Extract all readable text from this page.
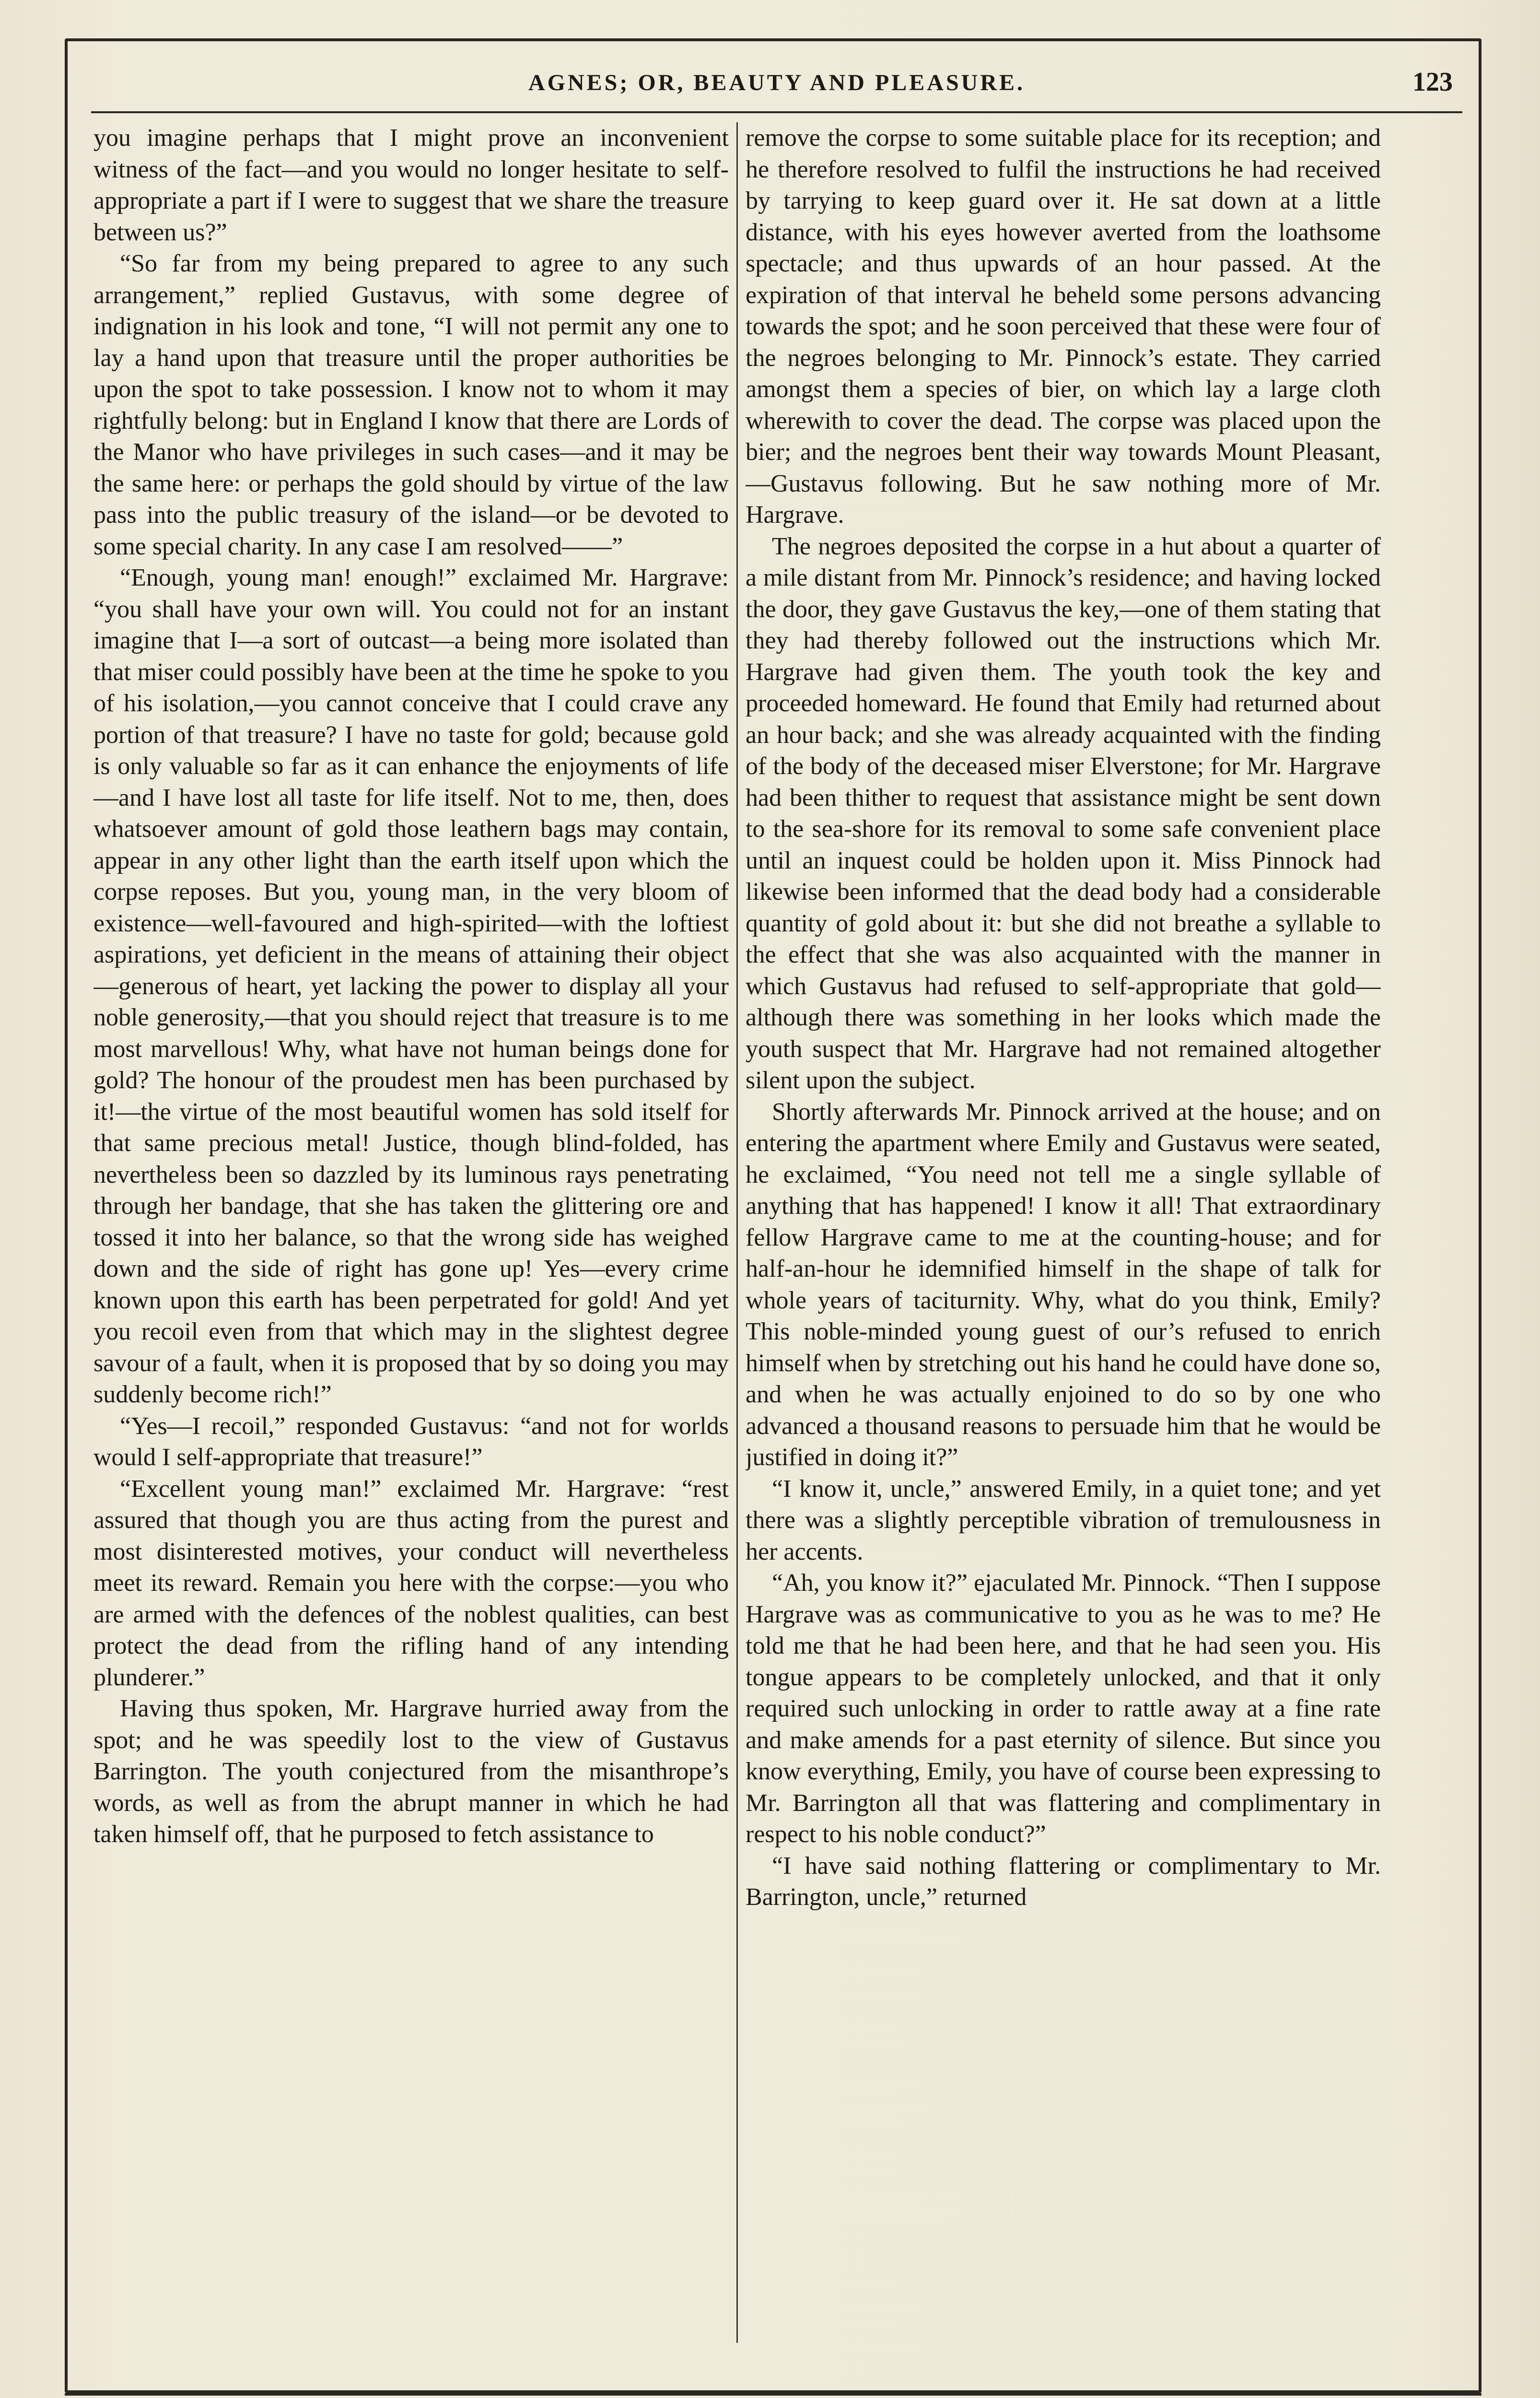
AGNES; OR, BEAUTY AND PLEASURE.	123

you imagine perhaps that I might prove an inconvenient witness of the fact—and you would no longer hesitate to self-appropriate a part if I were to suggest that we share the treasure between us?”

“So far from my being prepared to agree to any such arrangement,” replied Gustavus, with some degree of indignation in his look and tone, “I will not permit any one to lay a hand upon that treasure until the proper authorities be upon the spot to take possession. I know not to whom it may rightfully belong: but in England I know that there are Lords of the Manor who have privileges in such cases—and it may be the same here: or perhaps the gold should by virtue of the law pass into the public treasury of the island—or be devoted to some special charity. In any case I am resolved——”

“Enough, young man! enough!” exclaimed Mr. Hargrave: “you shall have your own will. You could not for an instant imagine that I—a sort of outcast—a being more isolated than that miser could possibly have been at the time he spoke to you of his isolation,—you cannot conceive that I could crave any portion of that treasure? I have no taste for gold; because gold is only valuable so far as it can enhance the enjoyments of life—and I have lost all taste for life itself. Not to me, then, does whatsoever amount of gold those leathern bags may contain, appear in any other light than the earth itself upon which the corpse reposes. But you, young man, in the very bloom of existence—well-favoured and high-spirited—with the loftiest aspirations, yet deficient in the means of attaining their object—generous of heart, yet lacking the power to display all your noble generosity,—that you should reject that treasure is to me most marvellous! Why, what have not human beings done for gold? The honour of the proudest men has been purchased by it!—the virtue of the most beautiful women has sold itself for that same precious metal! Justice, though blind-folded, has nevertheless been so dazzled by its luminous rays penetrating through her bandage, that she has taken the glittering ore and tossed it into her balance, so that the wrong side has weighed down and the side of right has gone up! Yes—every crime known upon this earth has been perpetrated for gold! And yet you recoil even from that which may in the slightest degree savour of a fault, when it is proposed that by so doing you may suddenly become rich!”

“Yes—I recoil,” responded Gustavus: “and not for worlds would I self-appropriate that treasure!”

“Excellent young man!” exclaimed Mr. Hargrave: “rest assured that though you are thus acting from the purest and most disinterested motives, your conduct will nevertheless meet its reward. Remain you here with the corpse:—you who are armed with the defences of the noblest qualities, can best protect the dead from the rifling hand of any intending plunderer.”

Having thus spoken, Mr. Hargrave hurried away from the spot; and he was speedily lost to the view of Gustavus Barrington. The youth conjectured from the misanthrope’s words, as well as from the abrupt manner in which he had taken himself off, that he purposed to fetch assistance to

remove the corpse to some suitable place for its reception; and he therefore resolved to fulfil the instructions he had received by tarrying to keep guard over it. He sat down at a little distance, with his eyes however averted from the loathsome spectacle; and thus upwards of an hour passed. At the expiration of that interval he beheld some persons advancing towards the spot; and he soon perceived that these were four of the negroes belonging to Mr. Pinnock’s estate. They carried amongst them a species of bier, on which lay a large cloth wherewith to cover the dead. The corpse was placed upon the bier; and the negroes bent their way towards Mount Pleasant,—Gustavus following. But he saw nothing more of Mr. Hargrave.

The negroes deposited the corpse in a hut about a quarter of a mile distant from Mr. Pinnock’s residence; and having locked the door, they gave Gustavus the key,—one of them stating that they had thereby followed out the instructions which Mr. Hargrave had given them. The youth took the key and proceeded homeward. He found that Emily had returned about an hour back; and she was already acquainted with the finding of the body of the deceased miser Elverstone; for Mr. Hargrave had been thither to request that assistance might be sent down to the sea-shore for its removal to some safe convenient place until an inquest could be holden upon it. Miss Pinnock had likewise been informed that the dead body had a considerable quantity of gold about it: but she did not breathe a syllable to the effect that she was also acquainted with the manner in which Gustavus had refused to self-appropriate that gold—although there was something in her looks which made the youth suspect that Mr. Hargrave had not remained altogether silent upon the subject.

Shortly afterwards Mr. Pinnock arrived at the house; and on entering the apartment where Emily and Gustavus were seated, he exclaimed, “You need not tell me a single syllable of anything that has happened! I know it all! That extraordinary fellow Hargrave came to me at the counting-house; and for half-an-hour he idemnified himself in the shape of talk for whole years of taciturnity. Why, what do you think, Emily? This noble-minded young guest of our’s refused to enrich himself when by stretching out his hand he could have done so, and when he was actually enjoined to do so by one who advanced a thousand reasons to persuade him that he would be justified in doing it?”

“I know it, uncle,” answered Emily, in a quiet tone; and yet there was a slightly perceptible vibration of tremulousness in her accents.

“Ah, you know it?” ejaculated Mr. Pinnock. “Then I suppose Hargrave was as communicative to you as he was to me? He told me that he had been here, and that he had seen you. His tongue appears to be completely unlocked, and that it only required such unlocking in order to rattle away at a fine rate and make amends for a past eternity of silence. But since you know everything, Emily, you have of course been expressing to Mr. Barrington all that was flattering and complimentary in respect to his noble conduct?”

“I have said nothing flattering or complimentary to Mr. Barrington, uncle,” returned
